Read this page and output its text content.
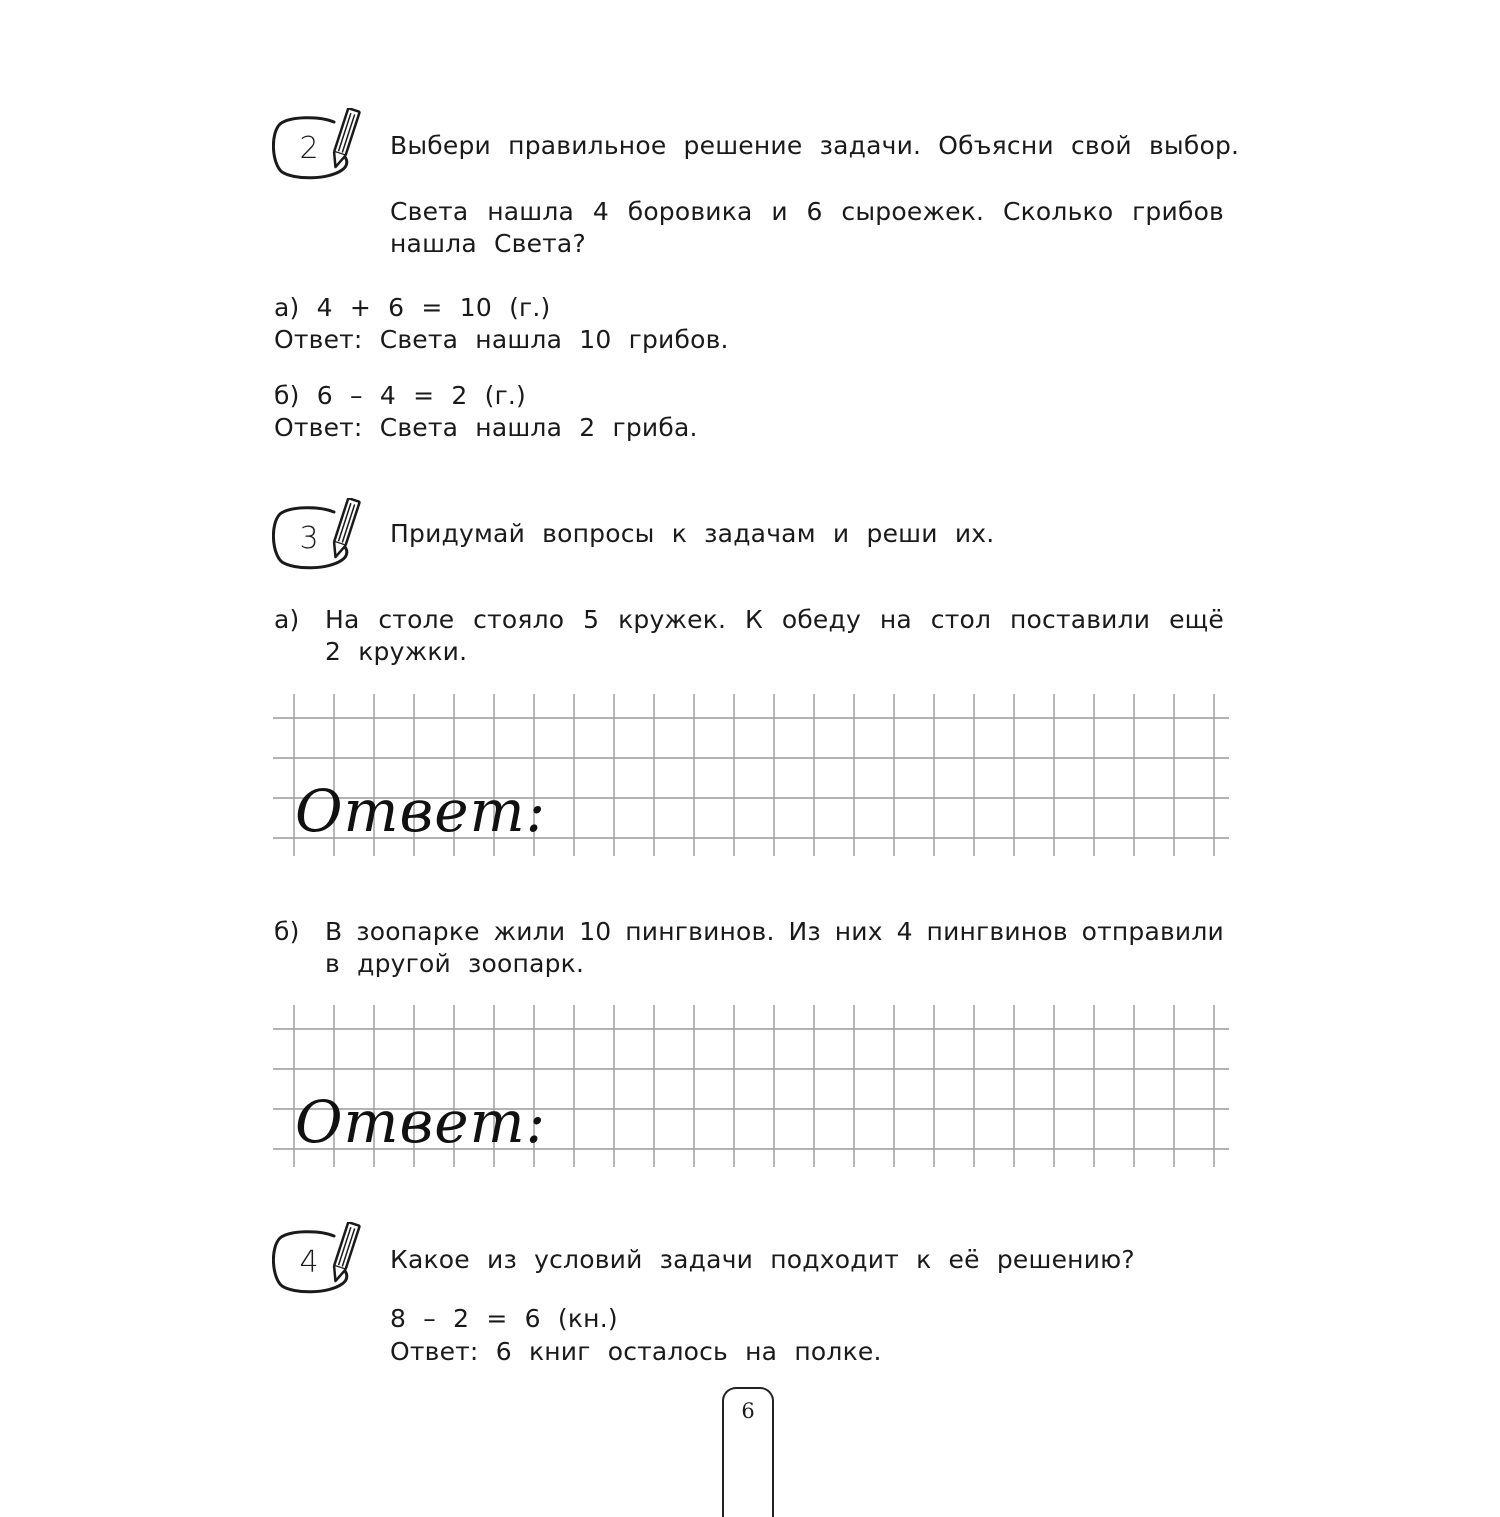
2	Выбери правильное решение задачи. Объясни свой выбор.
Света нашла 4 боровика и 6 сыроежек. Сколько грибов
нашла Света?
а) 4 + 6 = 10 (г.)
Ответ: Света нашла 10 грибов.
б) 6 – 4 = 2 (г.)
Ответ: Света нашла 2 гриба.
3	Придумай вопросы к задачам и реши их.
а) На столе стояло 5 кружек. К обеду на стол поставили ещё
2 кружки.
Ответ:
б) В зоопарке жили 10 пингвинов. Из них 4 пингвинов отправили
в другой зоопарк.
Ответ:
4	Какое из условий задачи подходит к её решению?
8 – 2 = 6 (кн.)
Ответ: 6 книг осталось на полке.
6
